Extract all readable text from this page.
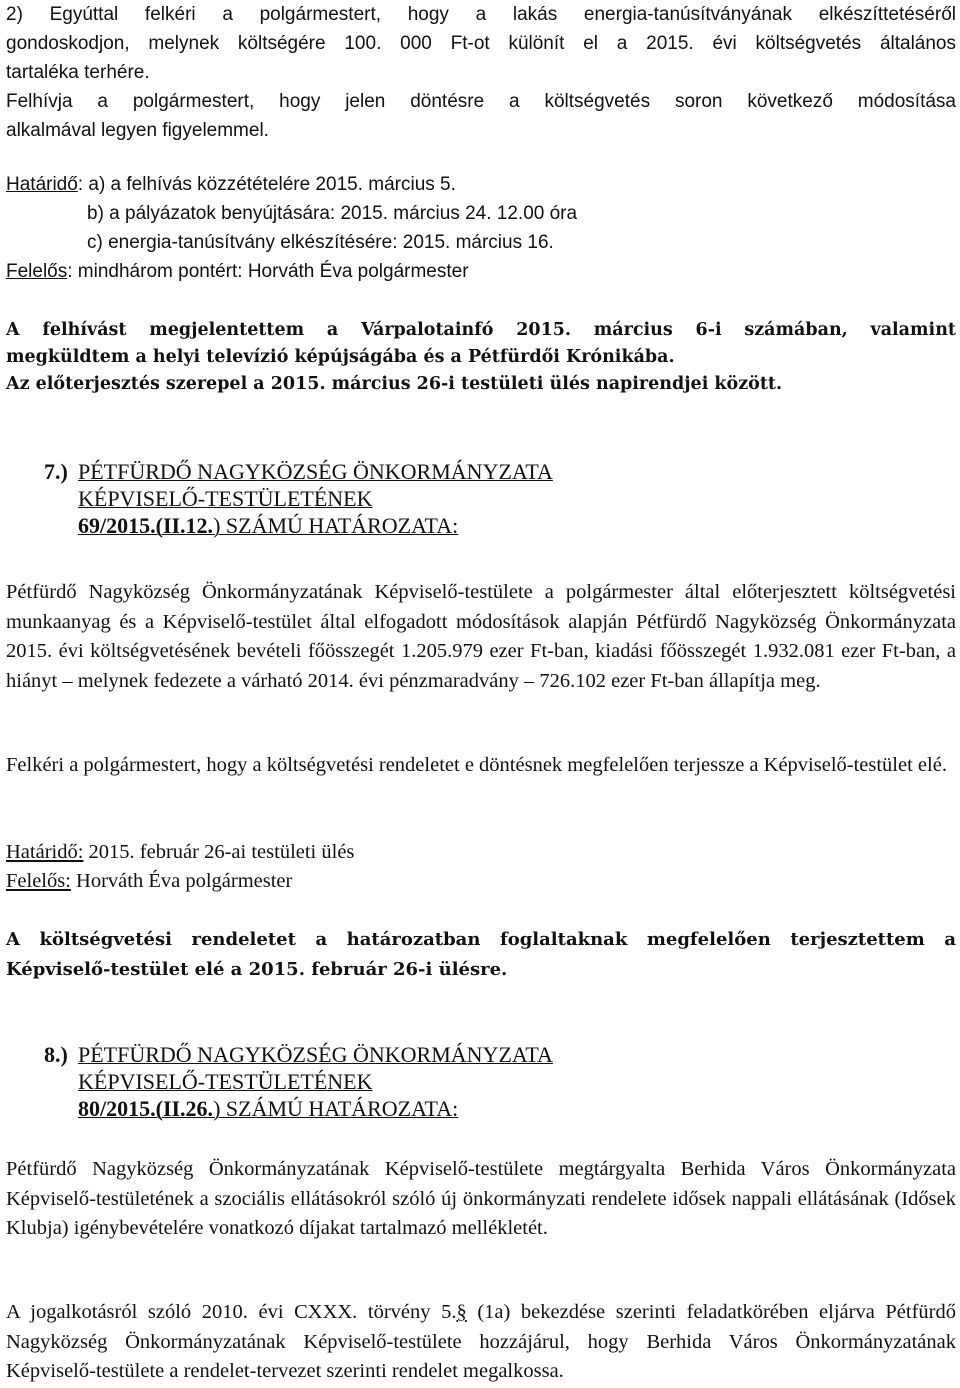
2) Egyúttal felkéri a polgármestert, hogy a lakás energia-tanúsítványának elkészíttetéséről
gondoskodjon, melynek költségére 100. 000 Ft-ot különít el a 2015. évi költségvetés általános
tartaléka terhére.
Felhívja a polgármestert, hogy jelen döntésre a költségvetés soron következő módosítása
alkalmával legyen figyelemmel.
Határidő: a) a felhívás közzétételére 2015. március 5.
b) a pályázatok benyújtására: 2015. március 24. 12.00 óra
c) energia-tanúsítvány elkészítésére: 2015. március 16.
Felelős: mindhárom pontért: Horváth Éva polgármester
A felhívást megjelentettem a Várpalotainfó 2015. március 6-i számában, valamint
megküldtem a helyi televízió képújságába és a Pétfürdői Krónikába.
Az előterjesztés szerepel a 2015. március 26-i testületi ülés napirendjei között.
7.) PÉTFÜRDŐ NAGYKÖZSÉG ÖNKORMÁNYZATA
KÉPVISELŐ-TESTÜLETÉNEK
69/2015.(II.12.) SZÁMÚ HATÁROZATA:
Pétfürdő Nagyközség Önkormányzatának Képviselő-testülete a polgármester által előterjesztett költségvetési munkaanyag és a Képviselő-testület által elfogadott módosítások alapján Pétfürdő Nagyközség Önkormányzata 2015. évi költségvetésének bevételi főösszegét 1.205.979 ezer Ft-ban, kiadási főösszegét 1.932.081 ezer Ft-ban, a hiányt – melynek fedezete a várható 2014. évi pénzmaradvány – 726.102 ezer Ft-ban állapítja meg.
Felkéri a polgármestert, hogy a költségvetési rendeletet e döntésnek megfelelően terjessze a Képviselő-testület elé.
Határidő: 2015. február 26-ai testületi ülés
Felelős: Horváth Éva polgármester
A költségvetési rendeletet a határozatban foglaltaknak megfelelően terjesztettem a Képviselő-testület elé a 2015. február 26-i ülésre.
8.) PÉTFÜRDŐ NAGYKÖZSÉG ÖNKORMÁNYZATA
KÉPVISELŐ-TESTÜLETÉNEK
80/2015.(II.26.) SZÁMÚ HATÁROZATA:
Pétfürdő Nagyközség Önkormányzatának Képviselő-testülete megtárgyalta Berhida Város Önkormányzata Képviselő-testületének a szociális ellátásokról szóló új önkormányzati rendelete idősek nappali ellátásának (Idősek Klubja) igénybevételére vonatkozó díjakat tartalmazó mellékletét.
A jogalkotásról szóló 2010. évi CXXX. törvény 5.§ (1a) bekezdése szerinti feladatkörében eljárva Pétfürdő Nagyközség Önkormányzatának Képviselő-testülete hozzájárul, hogy Berhida Város Önkormányzatának Képviselő-testülete a rendelet-tervezet szerinti rendelet megalkossa.
